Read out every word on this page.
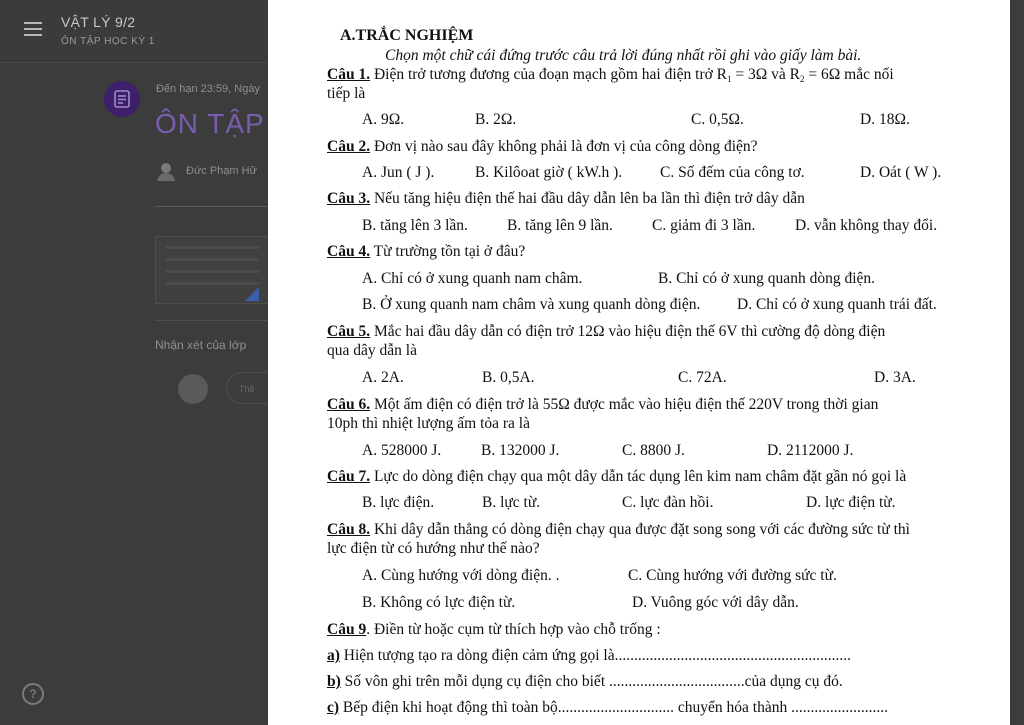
VẬT LÝ 9/2
ÔN TẬP HỌC KỲ 1
Đến hạn 23:59, Ngày
ÔN TẬP
Đức Phạm Hữ
Nhận xét của lớp
Thê
?
A.TRẮC NGHIỆM
Chọn một chữ cái đứng trước câu trả lời đúng nhất rồi ghi vào giấy làm bài.
Câu 1. Điện trở tương đương của đoạn mạch gồm hai điện trở $R_1 = 3\Omega$ và $R_2 = 6\Omega$ mắc nối
tiếp là
A. 9Ω.	B. 2Ω.	C. 0,5Ω.	D. 18Ω.
Câu 2. Đơn vị nào sau đây không phải là đơn vị của công dòng điện?
A. Jun ( J ).	B. Kilôoat giờ ( kW.h ). C. Số đếm của công tơ.	D. Oát ( W ).
Câu 3. Nếu tăng hiệu điện thế hai đầu dây dẫn lên ba lần thì điện trở dây dẫn
B. tăng lên 3 lần.	B. tăng lên 9 lần.	C. giảm đi 3 lần.	D. vẫn không thay đổi.
Câu 4. Từ trường tồn tại ở đâu?
A. Chỉ có ở xung quanh nam châm.	B. Chỉ có ở xung quanh dòng điện.
B. Ở xung quanh nam châm và xung quanh dòng điện. D. Chỉ có ở xung quanh trái đất.
Câu 5. Mắc hai đầu dây dẫn có điện trở 12Ω vào hiệu điện thế 6V thì cường độ dòng điện
qua dây dẫn là
A. 2A.	B. 0,5A.	C. 72A.	D. 3A.
Câu 6. Một ấm điện có điện trở là 55Ω được mắc vào hiệu điện thế 220V trong thời gian
10ph thì nhiệt lượng ấm tỏa ra là
A. 528000 J.	B. 132000 J.	C. 8800 J.	D. 2112000 J.
Câu 7. Lực do dòng điện chạy qua một dây dẫn tác dụng lên kim nam châm đặt gần nó gọi là
B. lực điện.	B. lực từ.	C. lực đàn hồi.	D. lực điện từ.
Câu 8. Khi dây dẫn thẳng có dòng điện chạy qua được đặt song song với các đường sức từ thì
lực điện từ có hướng như thế nào?
A. Cùng hướng với dòng điện. .	C. Cùng hướng với đường sức từ.
B. Không có lực điện từ.	D. Vuông góc với dây dẫn.
Câu 9. Điền từ hoặc cụm từ thích hợp vào chỗ trống :
a) Hiện tượng tạo ra dòng điện cảm ứng gọi là.............................................................
b) Số vôn ghi trên mỗi dụng cụ điện cho biết ...................................của dụng cụ đó.
c) Bếp điện khi hoạt động thì toàn bộ.............................. chuyển hóa thành .........................
